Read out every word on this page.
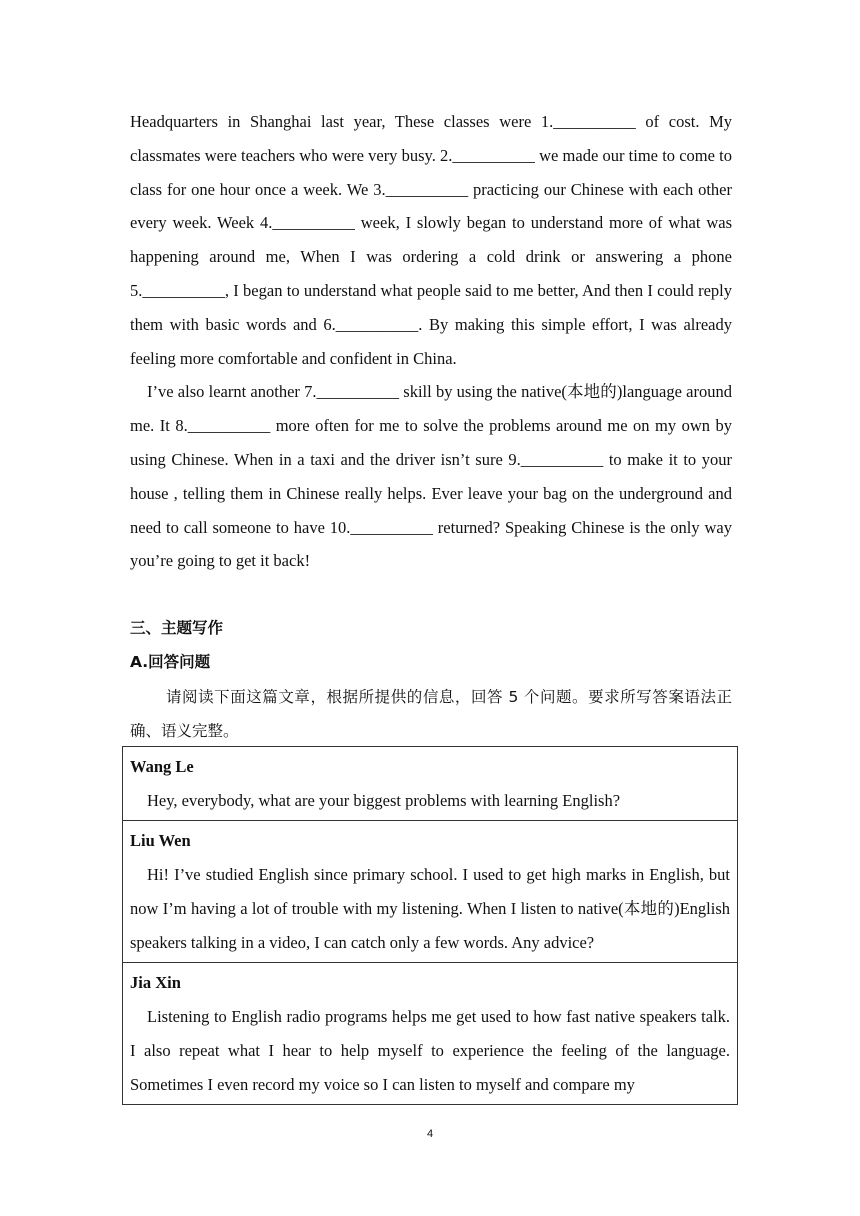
Headquarters in Shanghai last year, These classes were 1.__________ of cost. My classmates were teachers who were very busy. 2.__________ we made our time to come to class for one hour once a week. We 3.__________ practicing our Chinese with each other every week. Week 4.__________ week, I slowly began to understand more of what was happening around me, When I was ordering a cold drink or answering a phone 5.__________, I began to understand what people said to me better, And then I could reply them with basic words and 6.__________. By making this simple effort, I was already feeling more comfortable and confident in China.

I’ve also learnt another 7.__________ skill by using the native(本地的)language around me. It 8.__________ more often for me to solve the problems around me on my own by using Chinese. When in a taxi and the driver isn’t sure 9.__________ to make it to your house , telling them in Chinese really helps. Ever leave your bag on the underground and need to call someone to have 10.__________ returned? Speaking Chinese is the only way you’re going to get it back!

三、主题写作
A.回答问题

请阅读下面这篇文章，根据所提供的信息，回答 5 个问题。要求所写答案语法正确、语义完整。

Wang Le
Hey, everybody, what are your biggest problems with learning English?

Liu Wen
Hi! I’ve studied English since primary school. I used to get high marks in English, but now I’m having a lot of trouble with my listening. When I listen to native(本地的)English speakers talking in a video, I can catch only a few words. Any advice?

Jia Xin
Listening to English radio programs helps me get used to how fast native speakers talk. I also repeat what I hear to help myself to experience the feeling of the language. Sometimes I even record my voice so I can listen to myself and compare my
4
